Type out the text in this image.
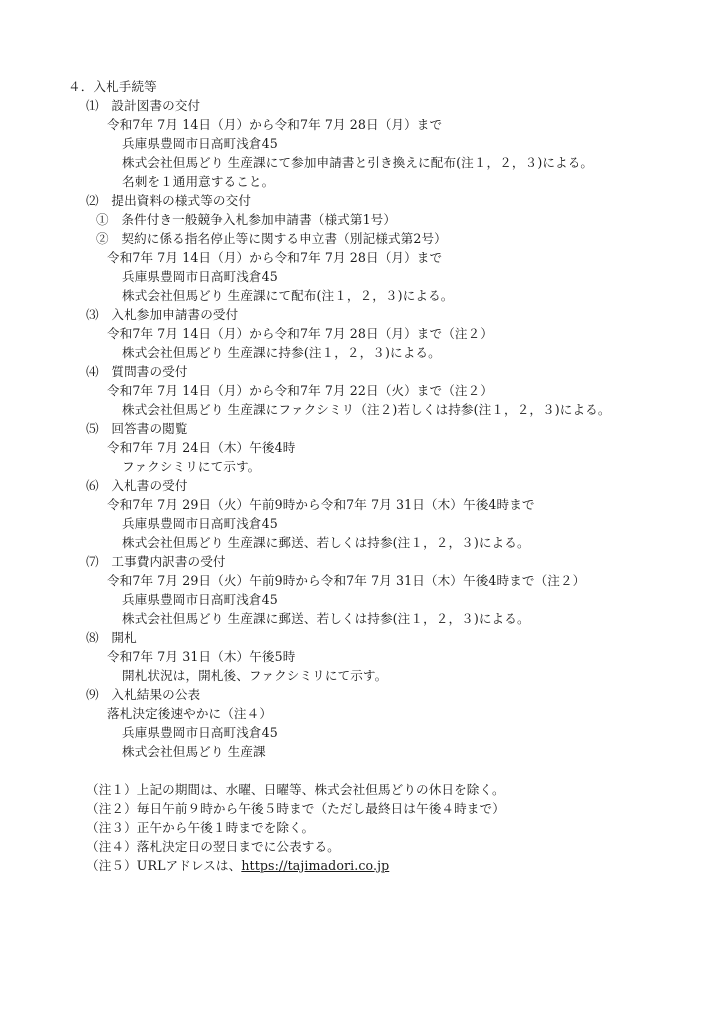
４．入札手続等
⑴　設計図書の交付
令和7年 7月 14日（月）から令和7年 7月 28日（月）まで
兵庫県豊岡市日高町浅倉45
株式会社但馬どり 生産課にて参加申請書と引き換えに配布(注１，２，３)による。
名刺を１通用意すること。
⑵　提出資料の様式等の交付
①　条件付き一般競争入札参加申請書（様式第1号）
②　契約に係る指名停止等に関する申立書（別記様式第2号）
令和7年 7月 14日（月）から令和7年 7月 28日（月）まで
兵庫県豊岡市日高町浅倉45
株式会社但馬どり 生産課にて配布(注１，２，３)による。
⑶　入札参加申請書の受付
令和7年 7月 14日（月）から令和7年 7月 28日（月）まで（注２）
株式会社但馬どり 生産課に持参(注１，２，３)による。
⑷　質問書の受付
令和7年 7月 14日（月）から令和7年 7月 22日（火）まで（注２）
株式会社但馬どり 生産課にファクシミリ（注２)若しくは持参(注１，２，３)による。
⑸　回答書の閲覧
令和7年 7月 24日（木）午後4時
ファクシミリにて示す。
⑹　入札書の受付
令和7年 7月 29日（火）午前9時から令和7年 7月 31日（木）午後4時まで
兵庫県豊岡市日高町浅倉45
株式会社但馬どり 生産課に郵送、若しくは持参(注１，２，３)による。
⑺　工事費内訳書の受付
令和7年 7月 29日（火）午前9時から令和7年 7月 31日（木）午後4時まで（注２）
兵庫県豊岡市日高町浅倉45
株式会社但馬どり 生産課に郵送、若しくは持参(注１，２，３)による。
⑻　開札
令和7年 7月 31日（木）午後5時
開札状況は，開札後、ファクシミリにて示す。
⑼　入札結果の公表
落札決定後速やかに（注４）
兵庫県豊岡市日高町浅倉45
株式会社但馬どり 生産課
（注１）上記の期間は、水曜、日曜等、株式会社但馬どりの休日を除く。
（注２）毎日午前９時から午後５時まで（ただし最終日は午後４時まで）
（注３）正午から午後１時までを除く。
（注４）落札決定日の翌日までに公表する。
（注５）URLアドレスは、https://tajimadori.co.jp
